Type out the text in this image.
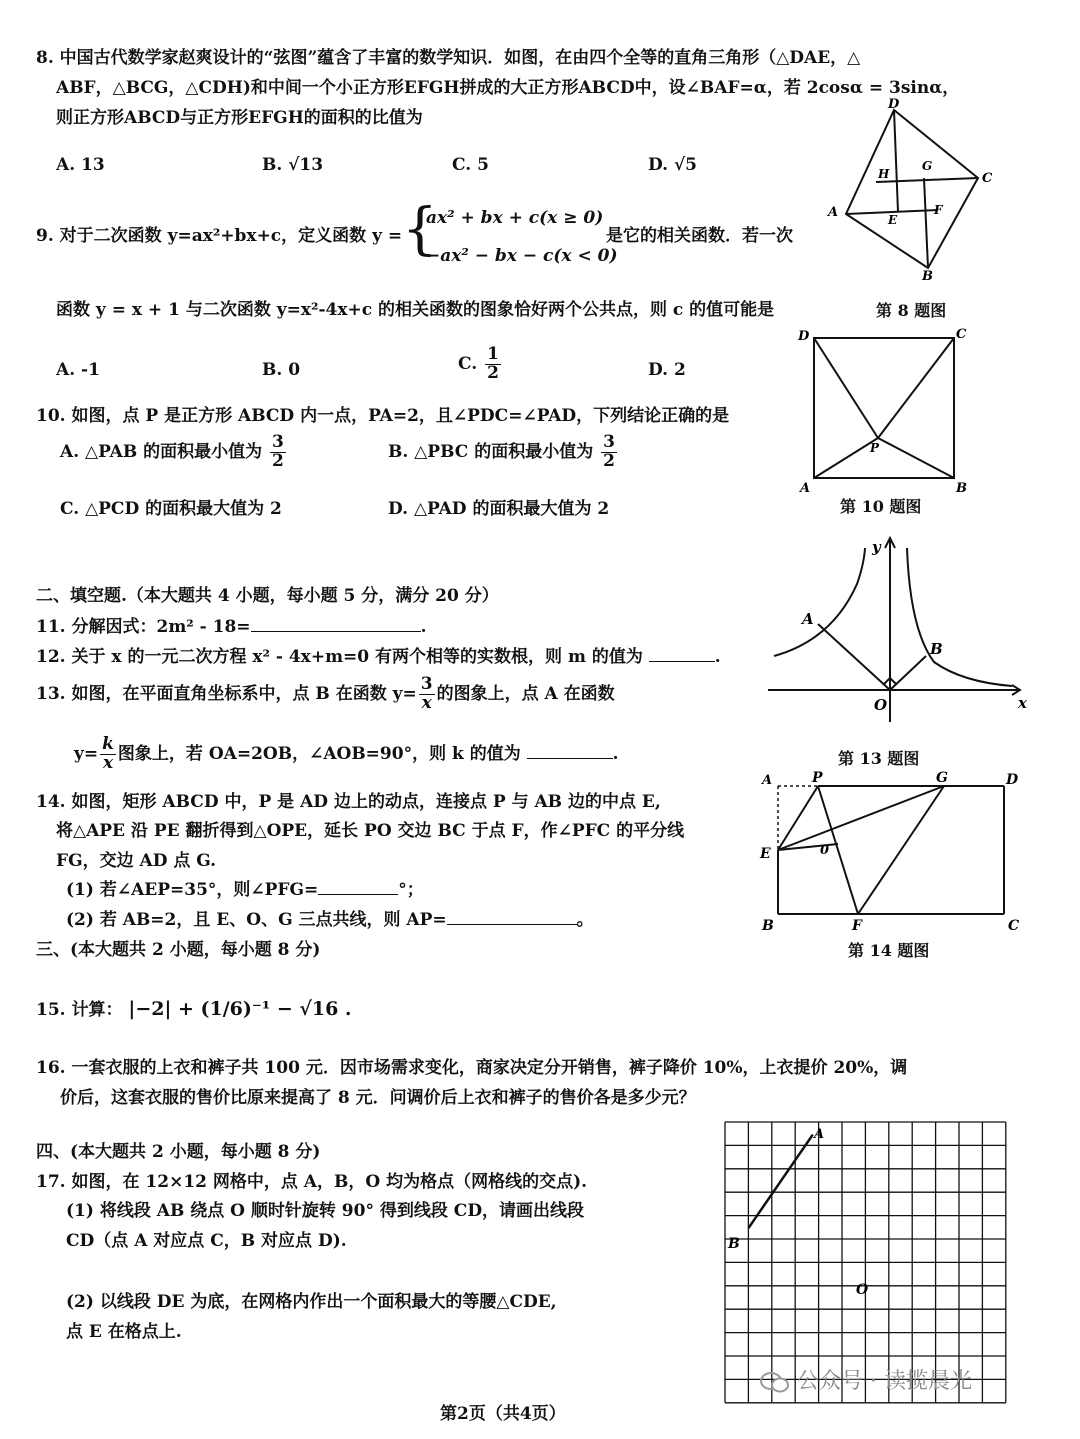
8. 中国古代数学家赵爽设计的“弦图”蕴含了丰富的数学知识．如图，在由四个全等的直角三角形（△DAE，△
ABF，△BCG，△CDH)和中间一个小正方形EFGH拼成的大正方形ABCD中，设∠BAF=α，若 2cosα = 3sinα，
则正方形ABCD与正方形EFGH的面积的比值为
A. 13	B. √13	C. 5	D. √5
D
C
B
A
G
H
E
F
第 8 题图
9. 对于二次函数 y=ax²+bx+c，定义函数 y = {
ax² + bx + c(x ≥ 0)
−ax² − bx − c(x < 0)
是它的相关函数．若一次
函数 y = x + 1 与二次函数 y=x²-4x+c 的相关函数的图象恰好两个公共点，则 c 的值可能是
A. -1	B. 0	C. $\frac{1}{2}$	D. 2
10. 如图，点 P 是正方形 ABCD 内一点，PA=2，且∠PDC=∠PAD，下列结论正确的是
A. △PAB 的面积最小值为 $\frac{3}{2}$	B. △PBC 的面积最小值为 $\frac{3}{2}$
C. △PCD 的面积最大值为 2	D. △PAD 的面积最大值为 2
D	C
A	B
P
第 10 题图
二、填空题.（本大题共 4 小题，每小题 5 分，满分 20 分）
11. 分解因式：2m² - 18=	.
12. 关于 x 的一元二次方程 x² - 4x+m=0 有两个相等的实数根，则 m 的值为	.
13. 如图，在平面直角坐标系中，点 B 在函数 $y= \frac{3}{x}$ 的图象上，点 A 在函数
$y= \frac{k}{x}$ 图象上，若 OA=2OB，∠AOB=90°，则 k 的值为	.
y
x
O
A
B
第 13 题图
14. 如图，矩形 ABCD 中，P 是 AD 边上的动点，连接点 P 与 AB 边的中点 E,
将△APE 沿 PE 翻折得到△OPE，延长 PO 交边 BC 于点 F，作∠PFC 的平分线
FG，交边 AD 点 G.
(1) 若∠AEP=35°，则∠PFG=	°；
(2) 若 AB=2，且 E、O、G 三点共线，则 AP=	。
A	P	G	D
E	0
B	F	C
第 14 题图
三、(本大题共 2 小题，每小题 8 分)
15. 计算： |−2| + (1/6)⁻¹ − √16 .
16. 一套衣服的上衣和裤子共 100 元．因市场需求变化，商家决定分开销售，裤子降价 10%，上衣提价 20%，调
价后，这套衣服的售价比原来提高了 8 元．问调价后上衣和裤子的售价各是多少元？
四、(本大题共 2 小题，每小题 8 分)
17. 如图，在 12×12 网格中，点 A，B，O 均为格点（网格线的交点).
(1) 将线段 AB 绕点 O 顺时针旋转 90° 得到线段 CD，请画出线段
CD（点 A 对应点 C，B 对应点 D).
(2) 以线段 DE 为底，在网格内作出一个面积最大的等腰△CDE,
点 E 在格点上.
A
B
O
公众号 · 读揽晨光
第2页（共4页）
